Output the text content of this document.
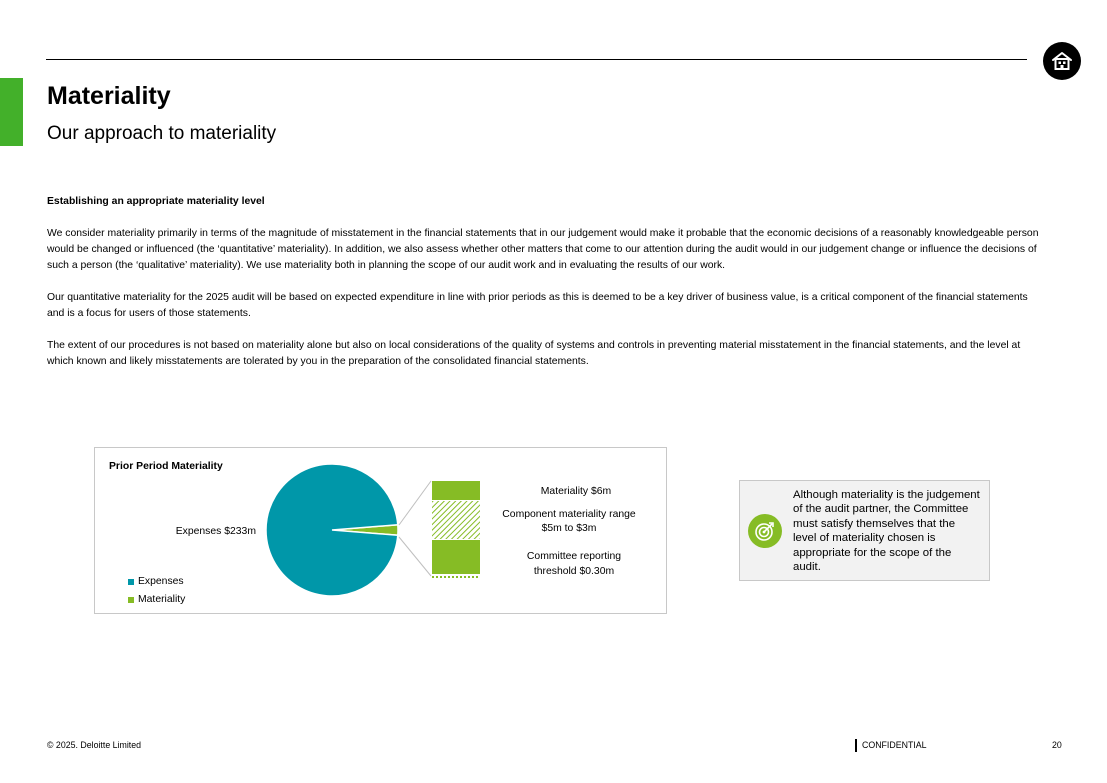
Materiality
Our approach to materiality
Establishing an appropriate materiality level

We consider materiality primarily in terms of the magnitude of misstatement in the financial statements that in our judgement would make it probable that the economic decisions of a reasonably knowledgeable person would be changed or influenced (the ‘quantitative’ materiality). In addition, we also assess whether other matters that come to our attention during the audit would in our judgement change or influence the decisions of such a person (the ‘qualitative’ materiality). We use materiality both in planning the scope of our audit work and in evaluating the results of our work.

Our quantitative materiality for the 2025 audit will be based on expected expenditure in line with prior periods as this is deemed to be a key driver of business value, is a critical component of the financial statements and is a focus for users of those statements.

The extent of our procedures is not based on materiality alone but also on local considerations of the quality of systems and controls in preventing material misstatement in the financial statements, and the level at which known and likely misstatements are tolerated by you in the preparation of the consolidated financial statements.

Prior Period Materiality
Expenses $233m
Materiality $6m
Component materiality range
$5m to $3m
Committee reporting
threshold $0.30m
Expenses
Materiality
Although materiality is the judgement of the audit partner, the Committee must satisfy themselves that the level of materiality chosen is appropriate for the scope of the audit.
© 2025. Deloitte Limited	CONFIDENTIAL	20
